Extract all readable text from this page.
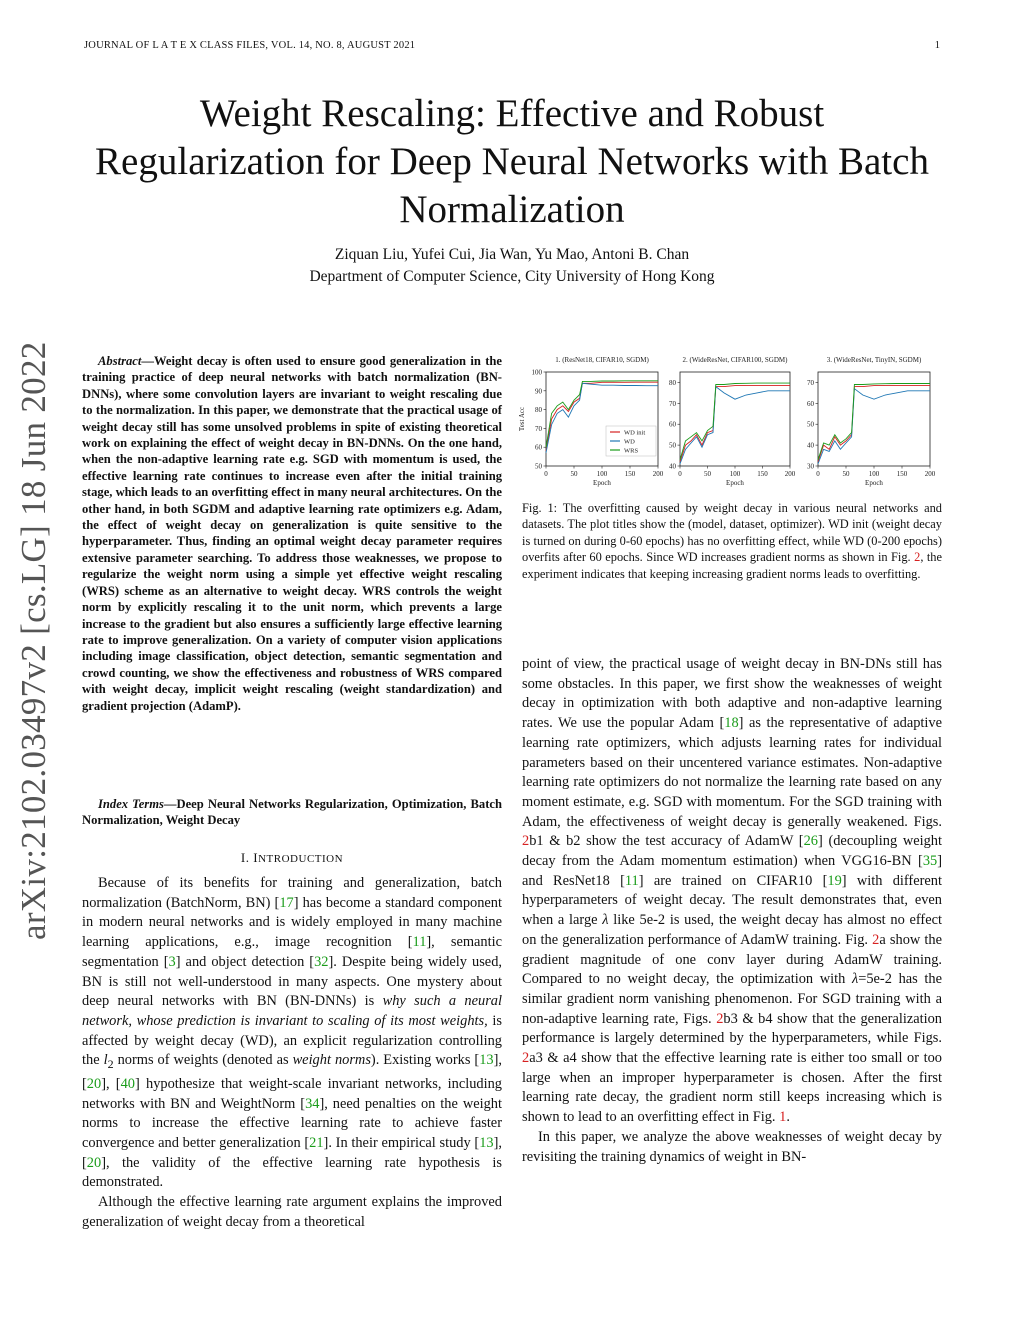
JOURNAL OF L A T E X CLASS FILES, VOL. 14, NO. 8, AUGUST 2021	1
Weight Rescaling: Effective and Robust Regularization for Deep Neural Networks with Batch Normalization
Ziquan Liu, Yufei Cui, Jia Wan, Yu Mao, Antoni B. Chan
Department of Computer Science, City University of Hong Kong
arXiv:2102.03497v2 [cs.LG] 18 Jun 2022	Abstract—Weight decay is often used to ensure good generalization in the training practice of deep neural networks with batch normalization (BN-DNNs), where some convolution layers are invariant to weight rescaling due to the normalization. In this paper, we demonstrate that the practical usage of weight decay still has some unsolved problems in spite of existing theoretical work on explaining the effect of weight decay in BN-DNNs. On the one hand, when the non-adaptive learning rate e.g. SGD with momentum is used, the effective learning rate continues to increase even after the initial training stage, which leads to an overfitting effect in many neural architectures. On the other hand, in both SGDM and adaptive learning rate optimizers e.g. Adam, the effect of weight decay on generalization is quite sensitive to the hyperparameter. Thus, finding an optimal weight decay parameter requires extensive parameter searching. To address those weaknesses, we propose to regularize the weight norm using a simple yet effective weight rescaling (WRS) scheme as an alternative to weight decay. WRS controls the weight norm by explicitly rescaling it to the unit norm, which prevents a large increase to the gradient but also ensures a sufficiently large effective learning rate to improve generalization. On a variety of computer vision applications including image classification, object detection, semantic segmentation and crowd counting, we show the effectiveness and robustness of WRS compared with weight decay, implicit weight rescaling (weight standardization) and gradient projection (AdamP).
Index Terms—Deep Neural Networks Regularization, Optimization, Batch Normalization, Weight Decay
I. INTRODUCTION

Because of its benefits for training and generalization, batch normalization (BatchNorm, BN) [17] has become a standard component in modern neural networks and is widely employed in many machine learning applications, e.g., image recognition [11], semantic segmentation [3] and object detection [32]. Despite being widely used, BN is still not well-understood in many aspects. One mystery about deep neural networks with BN (BN-DNNs) is why such a neural network, whose prediction is invariant to scaling of its most weights, is affected by weight decay (WD), an explicit regularization controlling the $l_2$ norms of weights (denoted as weight norms). Existing works [13], [20], [40] hypothesize that weight-scale invariant networks, including networks with BN and WeightNorm [34], need penalties on the weight norms to increase the effective learning rate to achieve faster convergence and better generalization [21]. In their empirical study [13], [20], the validity of the effective learning rate hypothesis is demonstrated.

Although the effective learning rate argument explains the improved generalization of weight decay from a theoretical

1. (ResNet18, CIFAR10, SGDM)
0	50	100	150	200
50
60
70
80
90
100
Epoch
Test Acc
WD init
WD
WRS
2. (WideResNet, CIFAR100, SGDM)
0	50	100 150 200
40
50
60
70
80
Epoch
3. (WideResNet, TinyIN, SGDM)
0	50	100	150	200
30
40
50
60
70
Epoch
Fig. 1: The overfitting caused by weight decay in various neural networks and datasets. The plot titles show the (model, dataset, optimizer). WD init (weight decay is turned on during 0-60 epochs) has no overfitting effect, while WD (0-200 epochs) overfits after 60 epochs. Since WD increases gradient norms as shown in Fig. 2, the experiment indicates that keeping increasing gradient norms leads to overfitting.

point of view, the practical usage of weight decay in BN-DNs still has some obstacles. In this paper, we first show the weaknesses of weight decay in optimization with both adaptive and non-adaptive learning rates. We use the popular Adam [18] as the representative of adaptive learning rate optimizers, which adjusts learning rates for individual parameters based on their uncentered variance estimates. Non-adaptive learning rate optimizers do not normalize the learning rate based on any moment estimate, e.g. SGD with momentum. For the SGD training with Adam, the effectiveness of weight decay is generally weakened. Figs. 2b1 & b2 show the test accuracy of AdamW [26] (decoupling weight decay from the Adam momentum estimation) when VGG16-BN [35] and ResNet18 [11] are trained on CIFAR10 [19] with different hyperparameters of weight decay. The result demonstrates that, even when a large λ like 5e-2 is used, the weight decay has almost no effect on the generalization performance of AdamW training. Fig. 2a show the gradient magnitude of one conv layer during AdamW training. Compared to no weight decay, the optimization with λ=5e-2 has the similar gradient norm vanishing phenomenon. For SGD training with a non-adaptive learning rate, Figs. 2b3 & b4 show that the generalization performance is largely determined by the hyperparameters, while Figs. 2a3 & a4 show that the effective learning rate is either too small or too large when an improper hyperparameter is chosen. After the first learning rate decay, the gradient norm still keeps increasing which is shown to lead to an overfitting effect in Fig. 1.

In this paper, we analyze the above weaknesses of weight decay by revisiting the training dynamics of weight in BN-
